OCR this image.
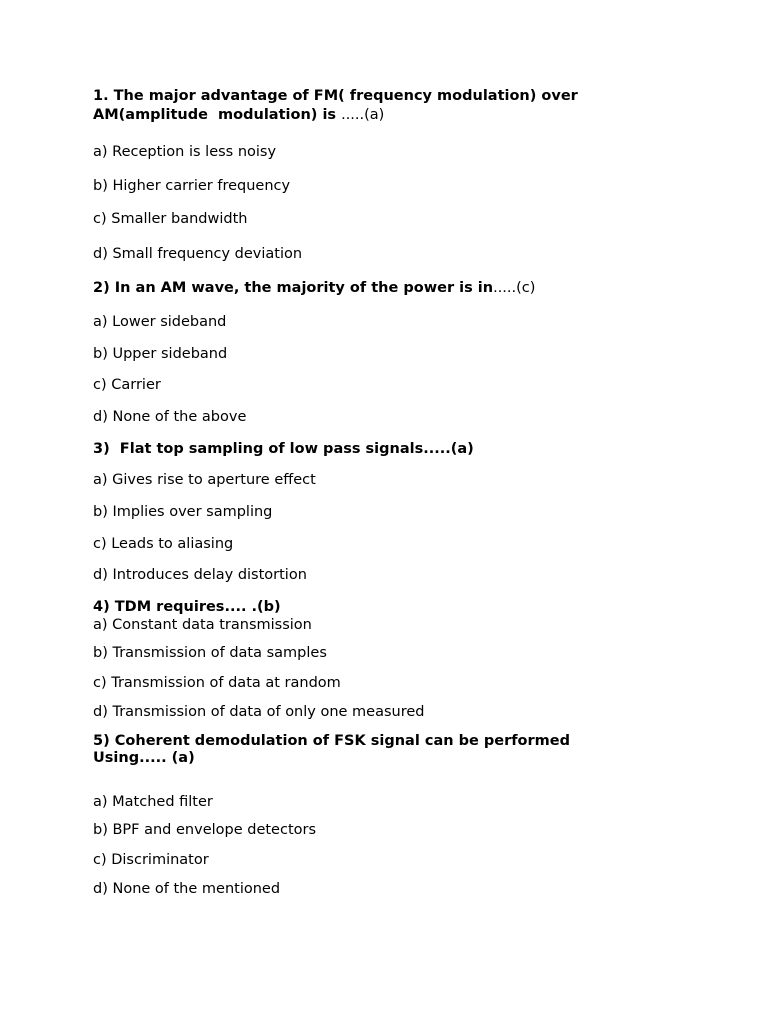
1. The major advantage of FM( frequency modulation) over
AM(amplitude  modulation) is .....(a)
a) Reception is less noisy
b) Higher carrier frequency
c) Smaller bandwidth
d) Small frequency deviation
2) In an AM wave, the majority of the power is in.....(c)
a) Lower sideband
b) Upper sideband
c) Carrier
d) None of the above
3)  Flat top sampling of low pass signals.....(a)
a) Gives rise to aperture effect
b) Implies over sampling
c) Leads to aliasing
d) Introduces delay distortion
4) TDM requires.... .(b)
a) Constant data transmission
b) Transmission of data samples
c) Transmission of data at random
d) Transmission of data of only one measured
5) Coherent demodulation of FSK signal can be performed
Using..... (a)
a) Matched filter
b) BPF and envelope detectors
c) Discriminator
d) None of the mentioned
